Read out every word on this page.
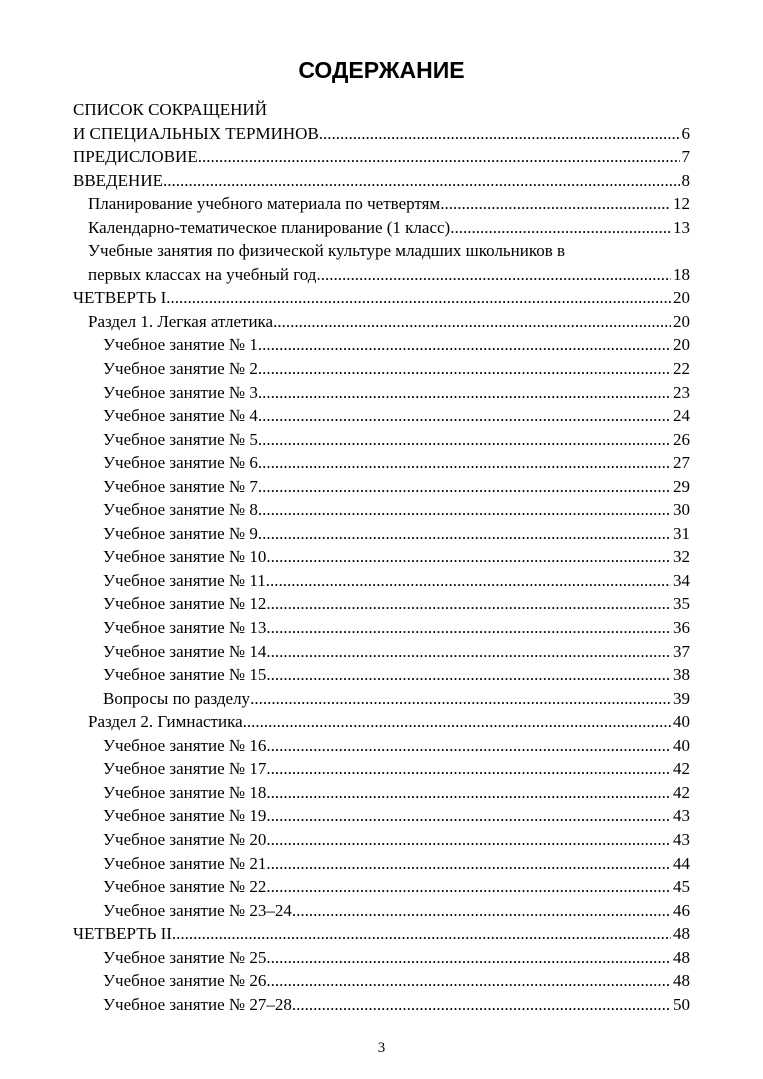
СОДЕРЖАНИЕ
СПИСОК СОКРАЩЕНИЙ
И СПЕЦИАЛЬНЫХ ТЕРМИНОВ .....	6
ПРЕДИСЛОВИЕ .....	7
ВВЕДЕНИЕ .....	8
Планирование учебного материала по четвертям .....	12
Календарно-тематическое планирование (1 класс) .....	13
Учебные занятия по физической культуре младших школьников в
первых классах на учебный год .....	18
ЧЕТВЕРТЬ I .....	20
Раздел 1. Легкая атлетика .....	20
Учебное занятие № 1 .....	20
Учебное занятие № 2 .....	22
Учебное занятие № 3 .....	23
Учебное занятие № 4 .....	24
Учебное занятие № 5 .....	26
Учебное занятие № 6 .....	27
Учебное занятие № 7 .....	29
Учебное занятие № 8 .....	30
Учебное занятие № 9 .....	31
Учебное занятие № 10 .....	32
Учебное занятие № 11 .....	34
Учебное занятие № 12 .....	35
Учебное занятие № 13 .....	36
Учебное занятие № 14 .....	37
Учебное занятие № 15 .....	38
Вопросы по разделу .....	39
Раздел 2. Гимнастика .....	40
Учебное занятие № 16 .....	40
Учебное занятие № 17 .....	42
Учебное занятие № 18 .....	42
Учебное занятие № 19 .....	43
Учебное занятие № 20 .....	43
Учебное занятие № 21 .....	44
Учебное занятие № 22 .....	45
Учебное занятие № 23–24 .....	46
ЧЕТВЕРТЬ II .....	48
Учебное занятие № 25 .....	48
Учебное занятие № 26 .....	48
Учебное занятие № 27–28 .....	50
3
